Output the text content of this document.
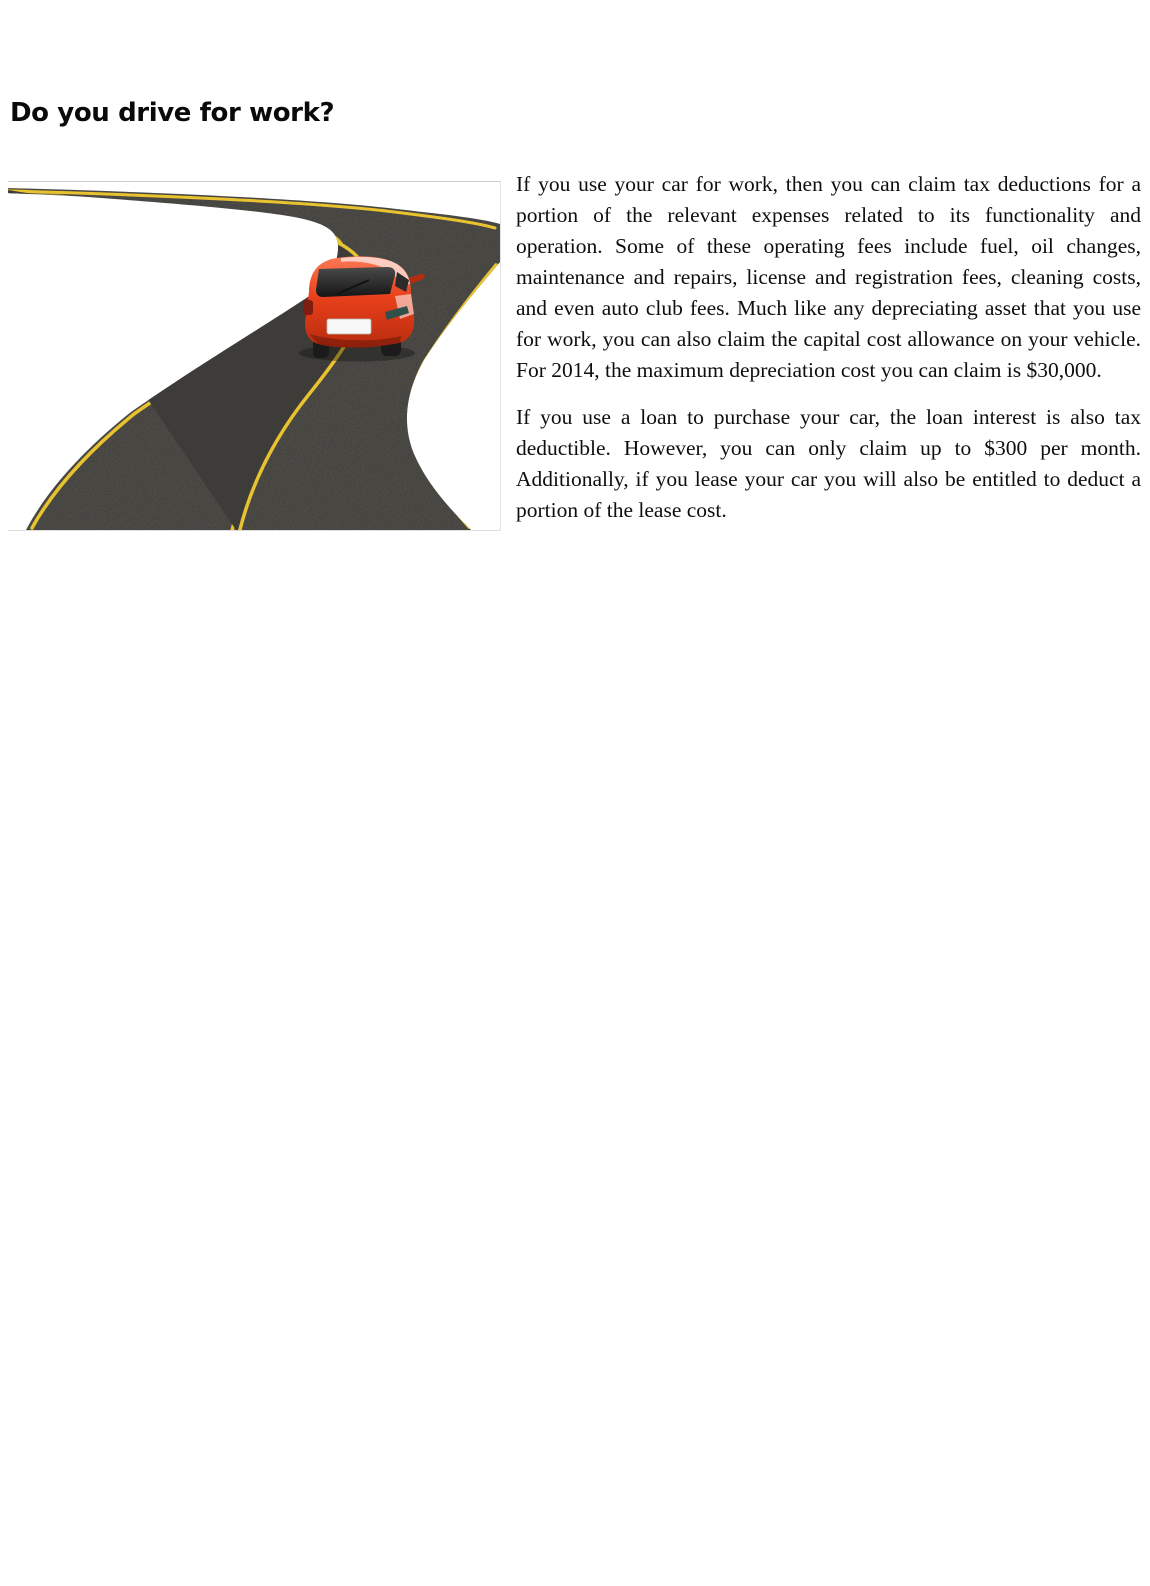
Do you drive for work?

If you use your car for work, then you can claim tax deductions for a portion of the relevant expenses related to its functionality and operation. Some of these operating fees include fuel, oil changes, maintenance and repairs, license and registration fees, cleaning costs, and even auto club fees. Much like any depreciating asset that you use for work, you can also claim the capital cost allowance on your vehicle. For 2014, the maximum depreciation cost you can claim is $30,000.

If you use a loan to purchase your car, the loan interest is also tax deductible. However, you can only claim up to $300 per month. Additionally, if you lease your car you will also be entitled to deduct a portion of the lease cost.
